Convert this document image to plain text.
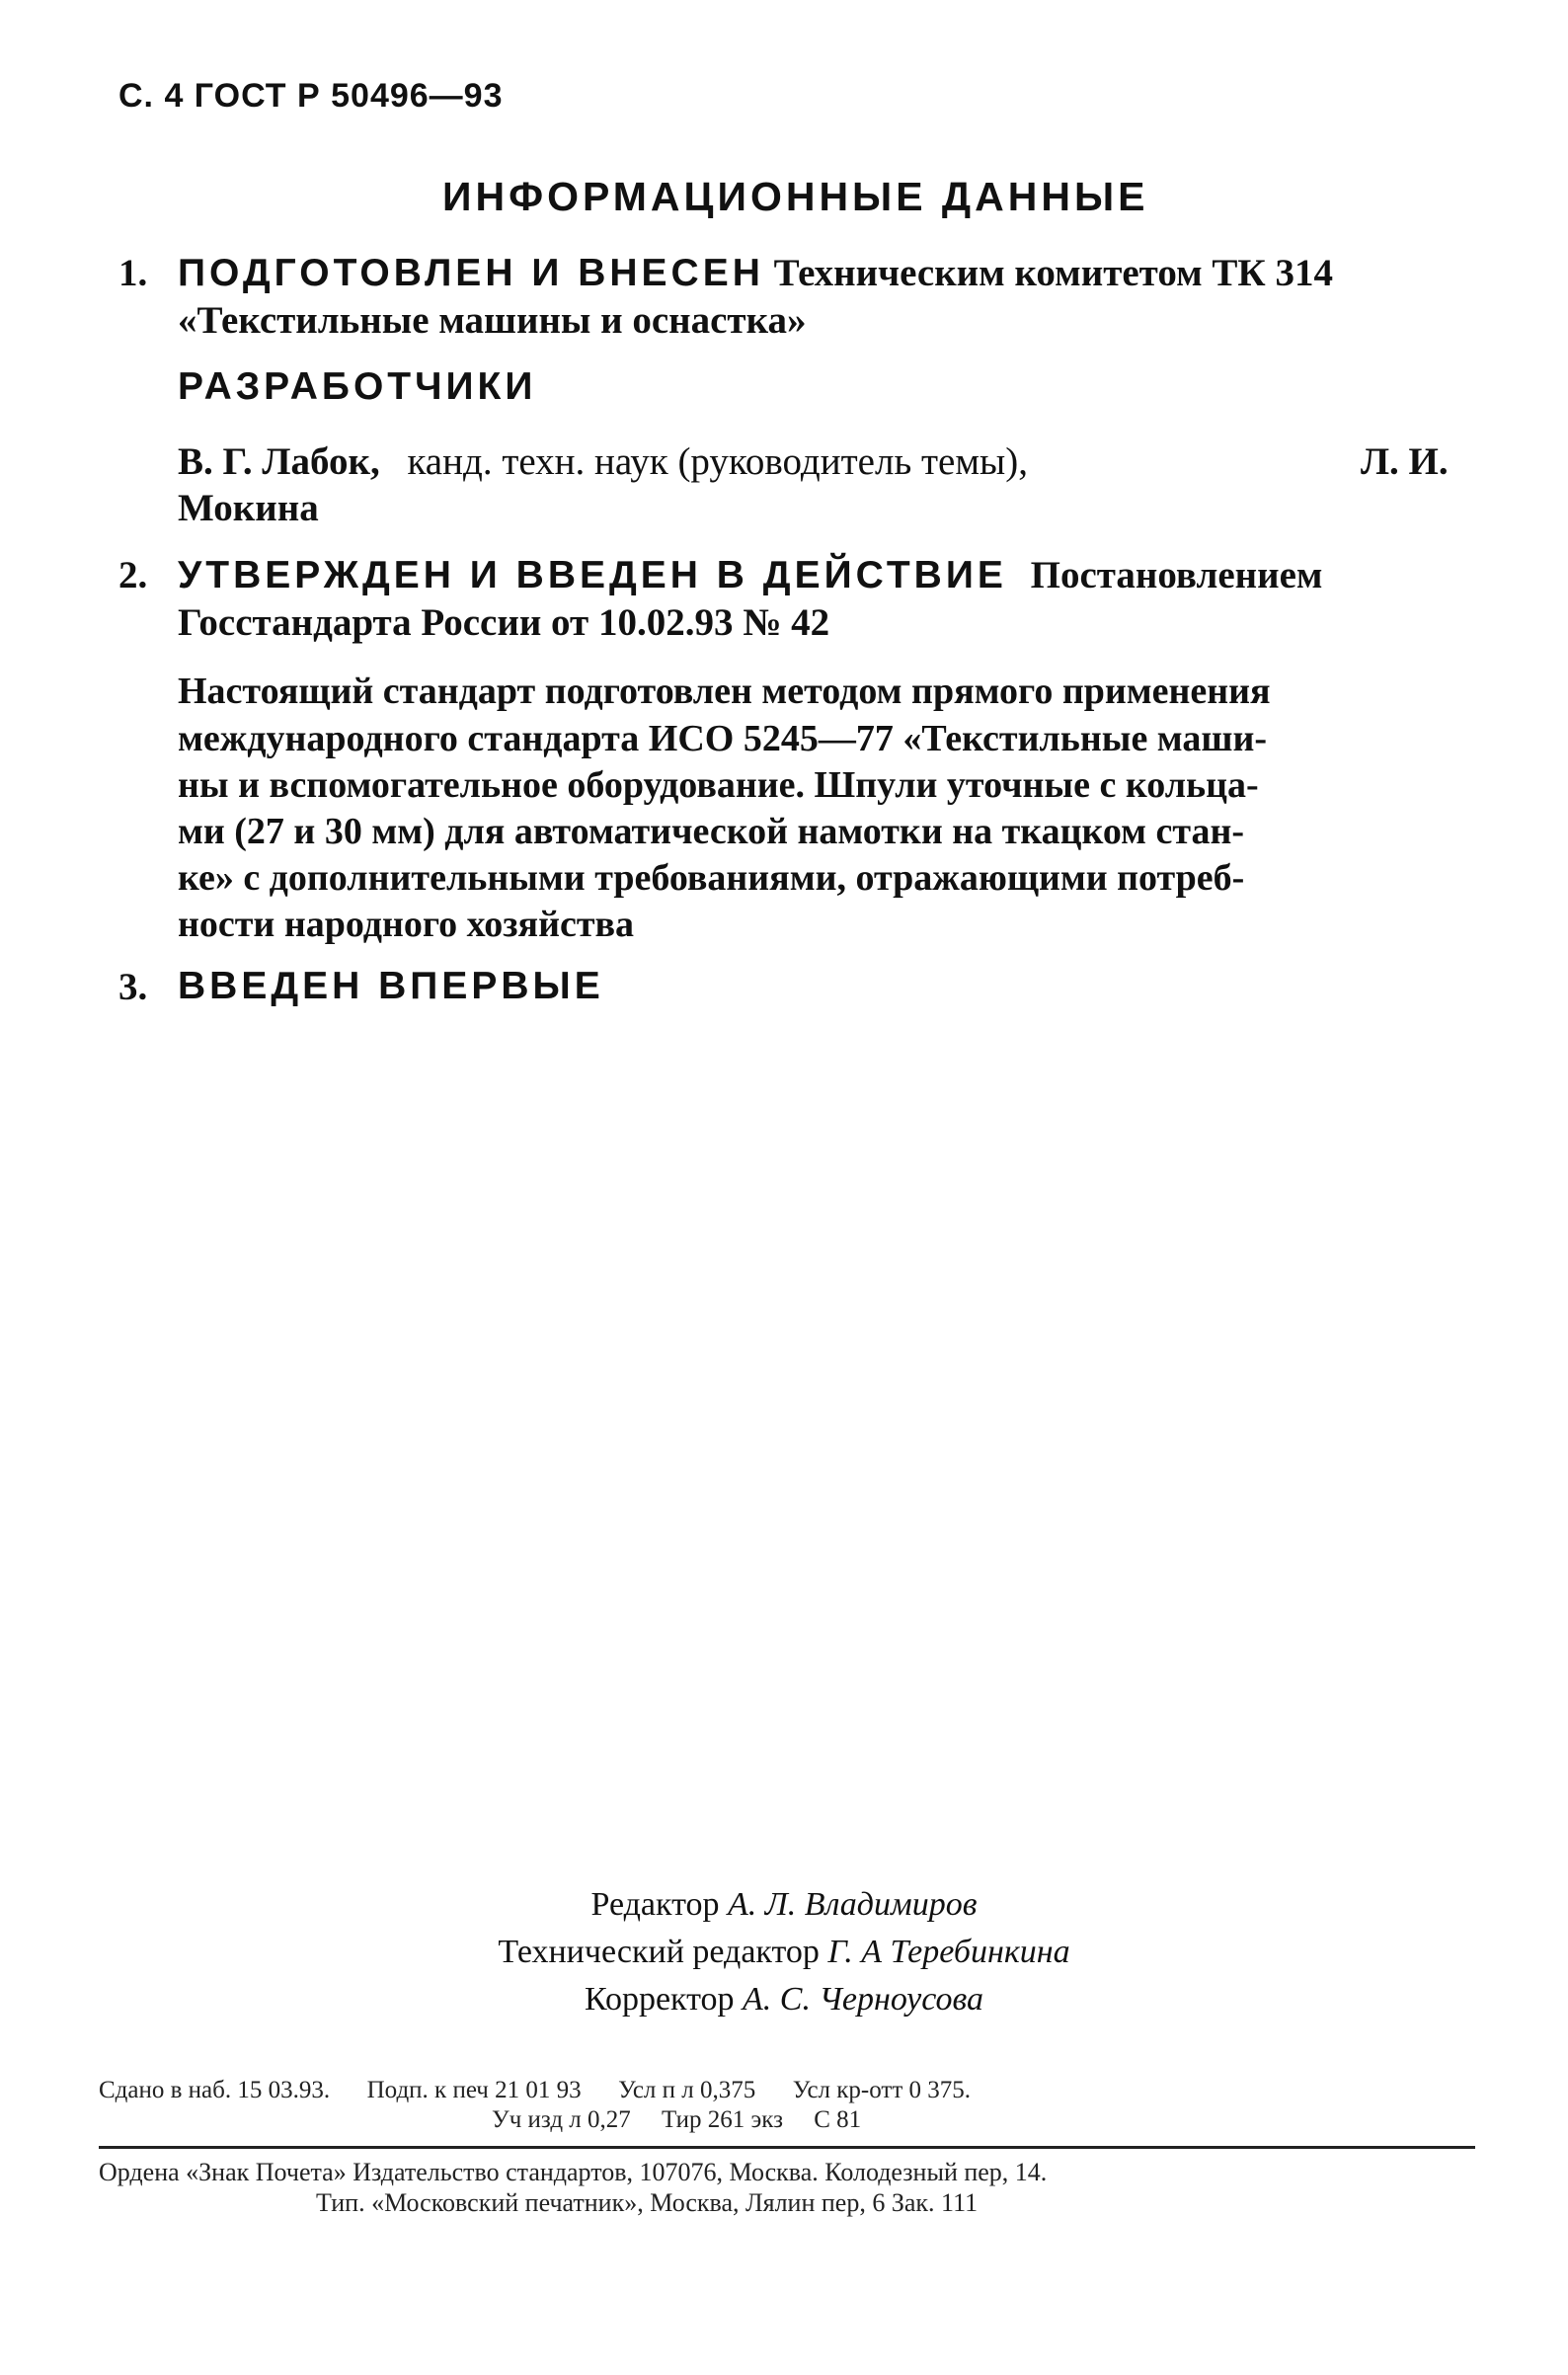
С. 4 ГОСТ Р 50496—93
ИНФОРМАЦИОННЫЕ ДАННЫЕ
1. ПОДГОТОВЛЕН И ВНЕСЕН Техническим комитетом ТК 314
«Текстильные машины и оснастка»
РАЗРАБОТЧИКИ
В. Г. Лабок, канд. техн. наук (руководитель темы),	Л. И.
Мокина
2. УТВЕРЖДЕН И ВВЕДЕН В ДЕЙСТВИЕ Постановлением
Госстандарта России от 10.02.93 № 42
Настоящий стандарт подготовлен методом прямого применения
международного стандарта ИСО 5245—77 «Текстильные маши-
ны и вспомогательное оборудование. Шпули уточные с кольца-
ми (27 и 30 мм) для автоматической намотки на ткацком стан-
ке» с дополнительными требованиями, отражающими потреб-
ности народного хозяйства
3. ВВЕДЕН ВПЕРВЫЕ
Редактор А. Л. Владимиров
Технический редактор Г. А Теребинкина
Корректор А. С. Черноусова
Сдано в наб. 15 03.93.      Подп. к печ 21 01 93      Усл п л 0,375      Усл кр-отт 0 375.
Уч изд л 0,27     Тир 261 экз     С 81
Ордена «Знак Почета» Издательство стандартов, 107076, Москва. Колодезный пер, 14.
Тип. «Московский печатник», Москва, Лялин пер, 6 Зак. 111
